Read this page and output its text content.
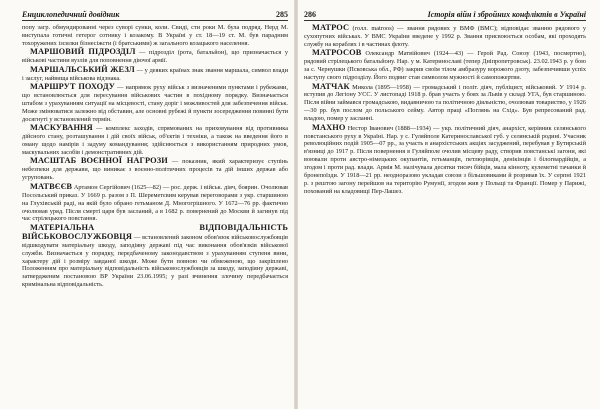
Енциклопедичний довідник	285

попу загр. обмундированні через суворі сунки, коли. Свиді, сти роки М. була подряд. Нерд М. виступала готичні гетерог сотнику і козакому. В Україні у ст. 18—19 ст. М. був парадним тохоружених ізсилки бізнесіжсти (і братськими) ж загального козацького населення.

МАРШОВИЙ ПІДРОЗДІЛ — підрозділ (рота, батальйон), що призначається у військові частини вузлів для поповнення діючої армії.

МАРШАЛЬСЬКИЙ ЖЕЗЛ — у деяких країнах знак звання маршала, символ влади і заслуг, найвища військова відзнака.

МАРШРУТ ПОХОДУ — напрямок руху військ з визначеними пунктами і рубежами, що встановлюється для пересування військових частин в похідному порядку. Визначається штабом з урахуванням ситуації на місцевості, стану доріг і можливостей для забезпечення військ. Може змінюватися залежно від обставин, але основні рубежі й пункти зосередження повинні бути досягнуті у встановлений термін.

МАСКУВАННЯ — комплекс заходів, спрямованих на приховування від противника дійсного стану, розташування і дій своїх військ, об'єктів і техніки, а також на введення його в оману щодо намірів і задуму командування; здійснюється з використанням природних умов, маскувальних засобів і демонстративних дій.

МАСШТАБ ВОЄННОЇ НАГРОЗИ — показник, який характеризує ступінь небезпеки для держави, що виникає з воєнно-політичних процесів та дій інших держав або угруповань.

МАТВЄЄВ Артамон Сергійович (1625—82) — рос. держ. і військ. діяч, боярин. Очолював Посольський приказ. У 1669 р. разом з П. Шереметєвим керував переговорами з укр. старшиною на Глухівській раді, на якій було обрано гетьманом Д. Многогрішного. У 1672—76 рр. фактично очолював уряд. Після смерті царя був засланий, а в 1682 р. повернений до Москви й загинув під час стрілецького повстання.

МАТЕРІАЛЬНА ВІДПОВІДАЛЬНІСТЬ ВІЙСЬКОВОСЛУЖБОВЦЯ — встановлений законом обов'язок військовослужбовців відшкодувати матеріальну шкоду, заподіяну державі під час виконання обов'язків військової служби. Визначається у порядку, передбаченому законодавством з урахуванням ступеня вини, характеру дій і розміру завданої шкоди. Може бути повною чи обмеженою, що закріплено Положенням про матеріальну відповідальність військовослужбовців за шкоду, заподіяну державі, затвердженим постановою ВР України 23.06.1995; у разі вчинення злочину передбачається кримінальна відповідальність.

286	Історія війн і збройних конфліктів в Україні

МАТРОС (голл. matroos) — звання рядових у ВМФ (ВМС); відповідає званню рядового у сухопутних військах. У ВМС України введене у 1992 р. Звання присвоюється особам, які проходять службу на кораблях і в частинах флоту.

МАТРОСОВ Олександр Матвійович (1924—43) — Герой Рад. Союзу (1943, посмертно), рядовий стрілецького батальйону. Нар. у м. Катеринославі (тепер Дніпропетровськ). 23.02.1943 р. у бою за с. Чернушки (Псковська обл., РФ) закрив своїм тілом амбразуру ворожого дзоту, забезпечивши успіх наступу свого підрозділу. Його подвиг став символом мужності й самопожертви.

МАТЧАК Микола (1895—1958) — громадський і політ. діяч, публіцист, військовий. У 1914 р. вступив до Легіону УСС. У листопаді 1918 р. брав участь у боях за Львів у складі УГА, був старшиною. Після війни займався громадською, видавничою та політичною діяльністю, очолював товариство, у 1926—30 рр. був послом до польського сейму. Автор праці «Поглянь на Схід». Був репресований рад. владою, помер у засланні.

МАХНО Нестор Іванович (1888—1934) — укр. політичний діяч, анархіст, керівник селянського повстанського руху в Україні. Нар. у с. Гуляйполе Катеринославської губ. у селянській родині. Учасник революційних подій 1905—07 рр., за участь в анархістських акціях засуджений, перебував у Бутирській в'язниці до 1917 р. Після повернення в Гуляйполе очолив місцеву раду, створив повстанські загони, які воювали проти австро-німецьких окупантів, гетьманців, петлюрівців, денікінців і білогвардійців, а згодом і проти рад. влади. Армія М. налічувала десятки тисяч бійців, мала кінноту, кулеметні тачанки й бронепоїзди. У 1918—21 рр. неодноразово укладав союзи з більшовиками й розривав їх. У серпні 1921 р. з рештою загону перейшов на територію Румунії, згодом жив у Польщі та Франції. Помер у Парижі, похований на кладовищі Пер-Лашез.
